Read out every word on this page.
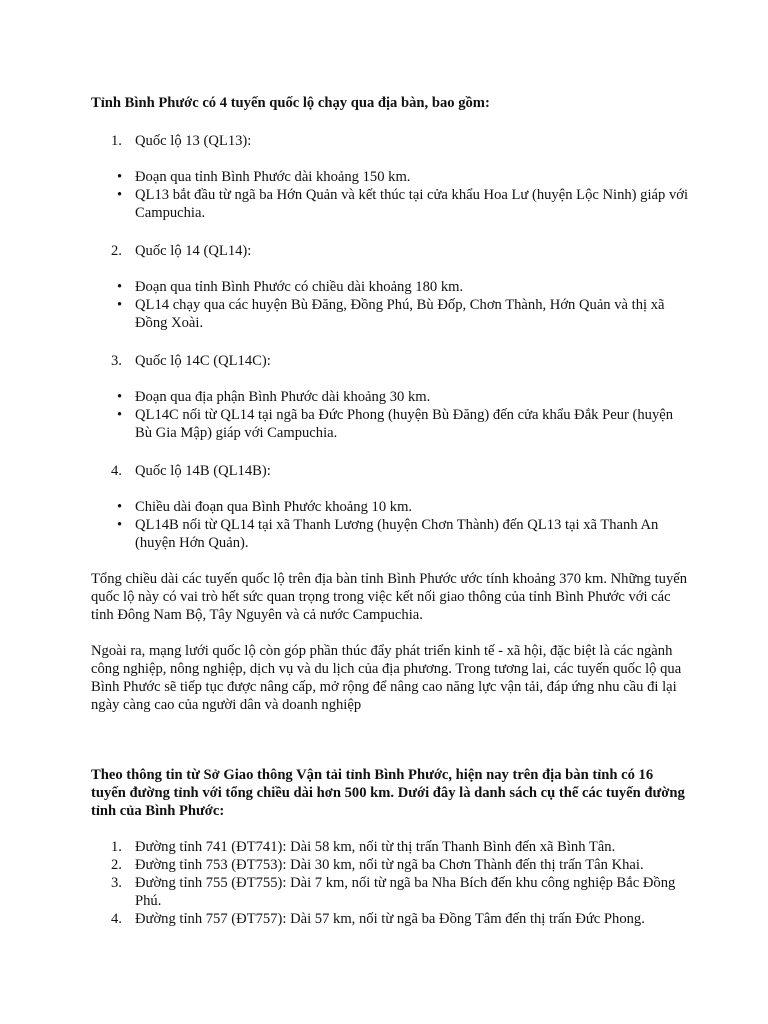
Tỉnh Bình Phước có 4 tuyến quốc lộ chạy qua địa bàn, bao gồm:

1. Quốc lộ 13 (QL13):
• Đoạn qua tỉnh Bình Phước dài khoảng 150 km.
• QL13 bắt đầu từ ngã ba Hớn Quản và kết thúc tại cửa khẩu Hoa Lư (huyện Lộc Ninh) giáp với Campuchia.
2. Quốc lộ 14 (QL14):
• Đoạn qua tỉnh Bình Phước có chiều dài khoảng 180 km.
• QL14 chạy qua các huyện Bù Đăng, Đồng Phú, Bù Đốp, Chơn Thành, Hớn Quản và thị xã Đồng Xoài.
3. Quốc lộ 14C (QL14C):
• Đoạn qua địa phận Bình Phước dài khoảng 30 km.
• QL14C nối từ QL14 tại ngã ba Đức Phong (huyện Bù Đăng) đến cửa khẩu Đắk Peur (huyện Bù Gia Mập) giáp với Campuchia.
4. Quốc lộ 14B (QL14B):
• Chiều dài đoạn qua Bình Phước khoảng 10 km.
• QL14B nối từ QL14 tại xã Thanh Lương (huyện Chơn Thành) đến QL13 tại xã Thanh An (huyện Hớn Quản).

Tổng chiều dài các tuyến quốc lộ trên địa bàn tỉnh Bình Phước ước tính khoảng 370 km. Những tuyến quốc lộ này có vai trò hết sức quan trọng trong việc kết nối giao thông của tỉnh Bình Phước với các tỉnh Đông Nam Bộ, Tây Nguyên và cả nước Campuchia.

Ngoài ra, mạng lưới quốc lộ còn góp phần thúc đẩy phát triển kinh tế - xã hội, đặc biệt là các ngành công nghiệp, nông nghiệp, dịch vụ và du lịch của địa phương. Trong tương lai, các tuyến quốc lộ qua Bình Phước sẽ tiếp tục được nâng cấp, mở rộng để nâng cao năng lực vận tải, đáp ứng nhu cầu đi lại ngày càng cao của người dân và doanh nghiệp

Theo thông tin từ Sở Giao thông Vận tải tỉnh Bình Phước, hiện nay trên địa bàn tỉnh có 16 tuyến đường tỉnh với tổng chiều dài hơn 500 km. Dưới đây là danh sách cụ thể các tuyến đường tỉnh của Bình Phước:

1. Đường tỉnh 741 (ĐT741): Dài 58 km, nối từ thị trấn Thanh Bình đến xã Bình Tân.
2. Đường tỉnh 753 (ĐT753): Dài 30 km, nối từ ngã ba Chơn Thành đến thị trấn Tân Khai.
3. Đường tỉnh 755 (ĐT755): Dài 7 km, nối từ ngã ba Nha Bích đến khu công nghiệp Bắc Đồng Phú.
4. Đường tỉnh 757 (ĐT757): Dài 57 km, nối từ ngã ba Đồng Tâm đến thị trấn Đức Phong.
